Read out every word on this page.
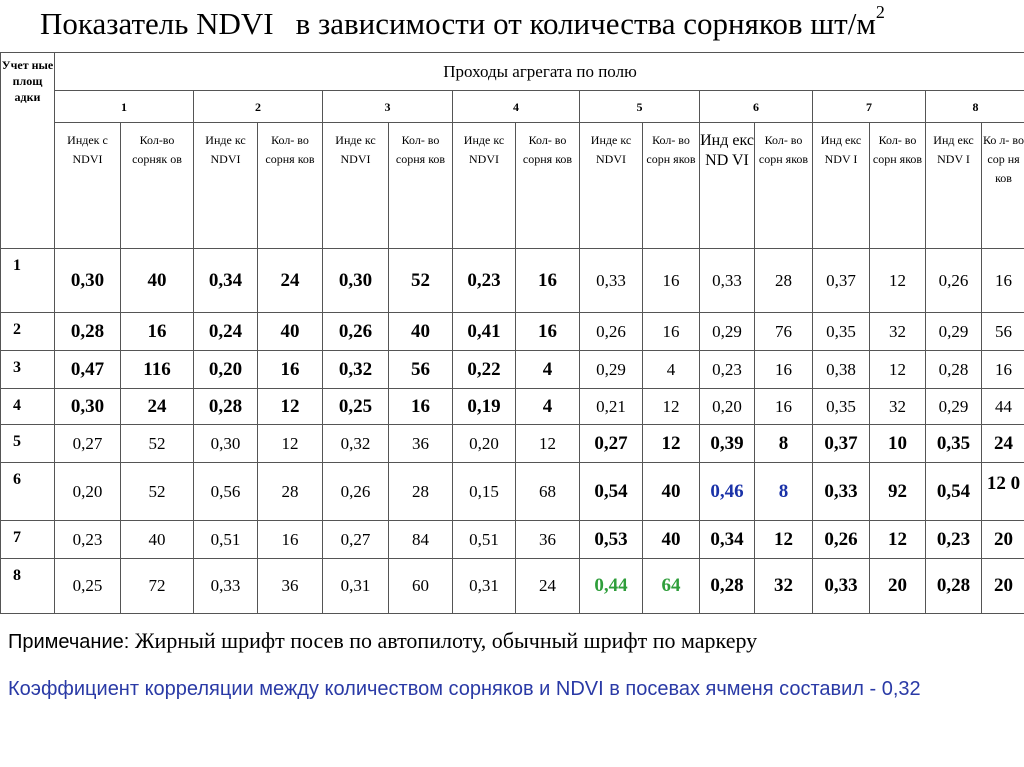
Показатель NDVI в зависимости от количества сорняков $шт/м^2$
Учет ные площ адки	Проходы агрегата по полю															
	1		2		3		4		5		6		7		8	
	Индек с NDVI	Кол-во сорняк ов	Инде кс NDVI	Кол- во сорня ков	Инде кс NDVI	Кол- во сорня ков	Инде кс NDVI	Кол- во сорня ков	Инде кс NDVI	Кол- во сорн яков	Инд екс ND VI	Кол- во сорн яков	Инд екс NDV I	Кол- во сорн яков	Инд екс NDV I	Ко л- во сор ня ков
1	0,30	40	0,34	24	0,30	52	0,23	16	0,33	16	0,33	28	0,37	12	0,26	16
2	0,28	16	0,24	40	0,26	40	0,41	16	0,26	16	0,29	76	0,35	32	0,29	56
3	0,47	116	0,20	16	0,32	56	0,22	4	0,29	4	0,23	16	0,38	12	0,28	16
4	0,30	24	0,28	12	0,25	16	0,19	4	0,21	12	0,20	16	0,35	32	0,29	44
5	0,27	52	0,30	12	0,32	36	0,20	12	0,27	12	0,39	8	0,37	10	0,35	24
6	0,20	52	0,56	28	0,26	28	0,15	68	0,54	40	0,46	8	0,33	92	0,54	12 0
7	0,23	40	0,51	16	0,27	84	0,51	36	0,53	40	0,34	12	0,26	12	0,23	20
8	0,25	72	0,33	36	0,31	60	0,31	24	0,44	64	0,28	32	0,33	20	0,28	20
Примечание: Жирный шрифт посев по автопилоту, обычный шрифт по маркеру
Коэффициент корреляции между количеством сорняков и NDVI в посевах ячменя составил - 0,32
